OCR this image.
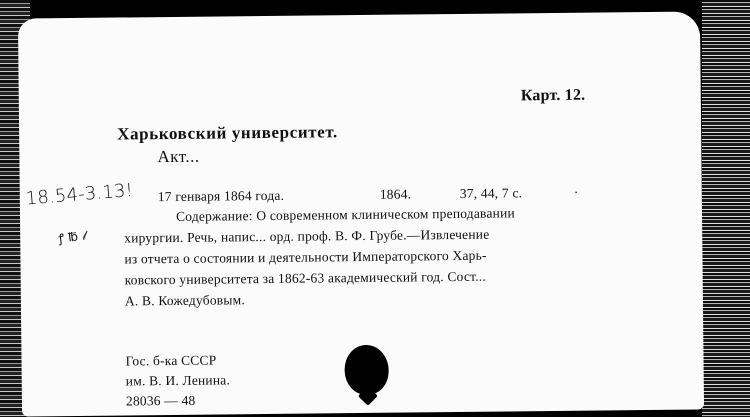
Карт. 12.
Харьковский университет.
Акт...
18.54-3.13!
ꝭ ℔ 𝓁
17 генваря 1864 года.	1864.	37, 44, 7 с.	·
Содержание: О современном клиническом преподавании
хирургии. Речь, напис... орд. проф. В. Ф. Грубе.—Извлечение
из отчета о состоянии и деятельности Императорского Харь-
ковского университета за 1862-63 академический год. Сост...
А. В. Кожедубовым.
Гос. б-ка СССР
им. В. И. Ленина.
28036 — 48
